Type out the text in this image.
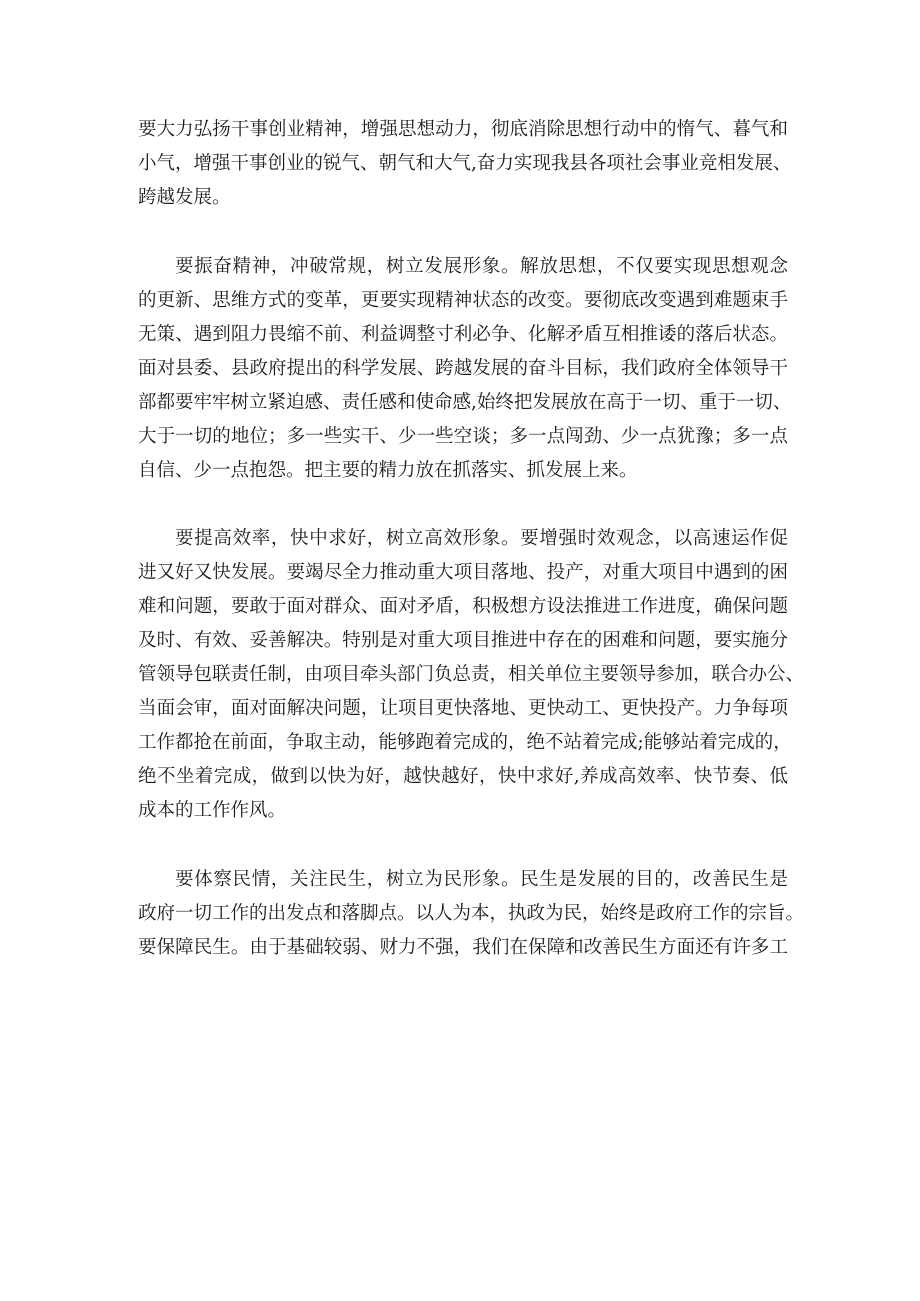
要大力弘扬干事创业精神，增强思想动力，彻底消除思想行动中的惰气、暮气和
小气，增强干事创业的锐气、朝气和大气,奋力实现我县各项社会事业竞相发展、
跨越发展。
要振奋精神，冲破常规，树立发展形象。解放思想，不仅要实现思想观念
的更新、思维方式的变革，更要实现精神状态的改变。要彻底改变遇到难题束手
无策、遇到阻力畏缩不前、利益调整寸利必争、化解矛盾互相推诿的落后状态。
面对县委、县政府提出的科学发展、跨越发展的奋斗目标，我们政府全体领导干
部都要牢牢树立紧迫感、责任感和使命感,始终把发展放在高于一切、重于一切、
大于一切的地位；多一些实干、少一些空谈；多一点闯劲、少一点犹豫；多一点
自信、少一点抱怨。把主要的精力放在抓落实、抓发展上来。
要提高效率，快中求好，树立高效形象。要增强时效观念，以高速运作促
进又好又快发展。要竭尽全力推动重大项目落地、投产，对重大项目中遇到的困
难和问题，要敢于面对群众、面对矛盾，积极想方设法推进工作进度，确保问题
及时、有效、妥善解决。特别是对重大项目推进中存在的困难和问题，要实施分
管领导包联责任制，由项目牵头部门负总责，相关单位主要领导参加，联合办公、
当面会审，面对面解决问题，让项目更快落地、更快动工、更快投产。力争每项
工作都抢在前面，争取主动，能够跑着完成的，绝不站着完成;能够站着完成的，
绝不坐着完成，做到以快为好，越快越好，快中求好,养成高效率、快节奏、低
成本的工作作风。
要体察民情，关注民生，树立为民形象。民生是发展的目的，改善民生是
政府一切工作的出发点和落脚点。以人为本，执政为民，始终是政府工作的宗旨。
要保障民生。由于基础较弱、财力不强，我们在保障和改善民生方面还有许多工
